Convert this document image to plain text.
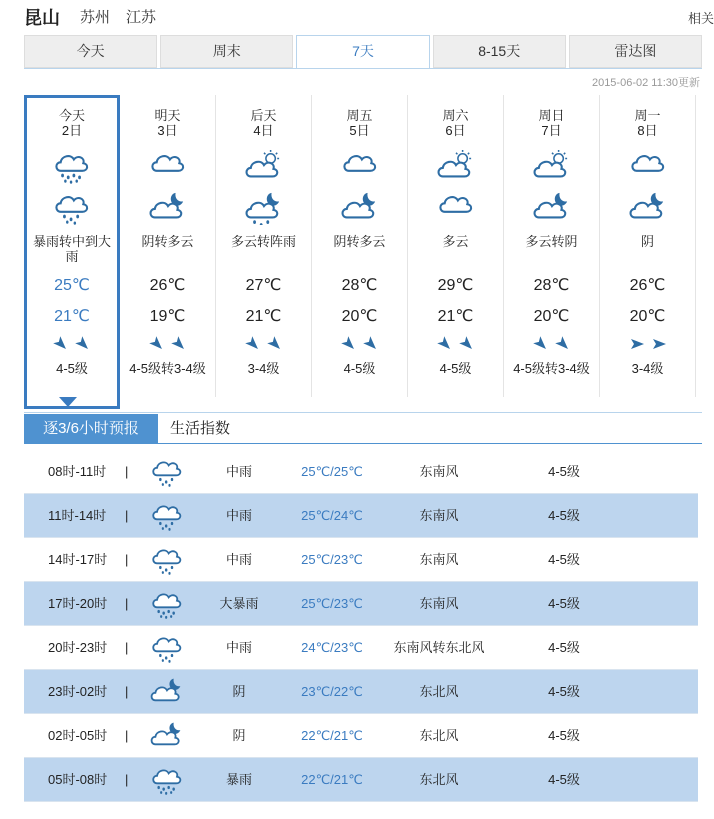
昆山 苏州 江苏	相关
今天	周末	7天	8-15天	雷达图
2015-06-02 11:30更新
今天
2日
暴雨转中到大雨
25℃
21℃
4-5级
明天
3日
阴转多云
26℃
19℃
4-5级转3-4级
后天
4日
多云转阵雨
27℃
21℃
3-4级
周五
5日
阴转多云
28℃
20℃
4-5级
周六
6日
多云
29℃
21℃
4-5级
周日
7日
多云转阴
28℃
20℃
4-5级转3-4级
周一
8日
阴
26℃
20℃
3-4级
逐3/6小时预报	生活指数
08时-11时 |	中雨	25℃/25℃	东南风	4-5级
11时-14时 |	中雨	25℃/24℃	东南风	4-5级
14时-17时 |	中雨	25℃/23℃	东南风	4-5级
17时-20时 |	大暴雨	25℃/23℃	东南风	4-5级
20时-23时 |	中雨	24℃/23℃	东南风转东北风	4-5级
23时-02时 |	阴	23℃/22℃	东北风	4-5级
02时-05时 |	阴	22℃/21℃	东北风	4-5级
05时-08时 |	暴雨	22℃/21℃	东北风	4-5级
